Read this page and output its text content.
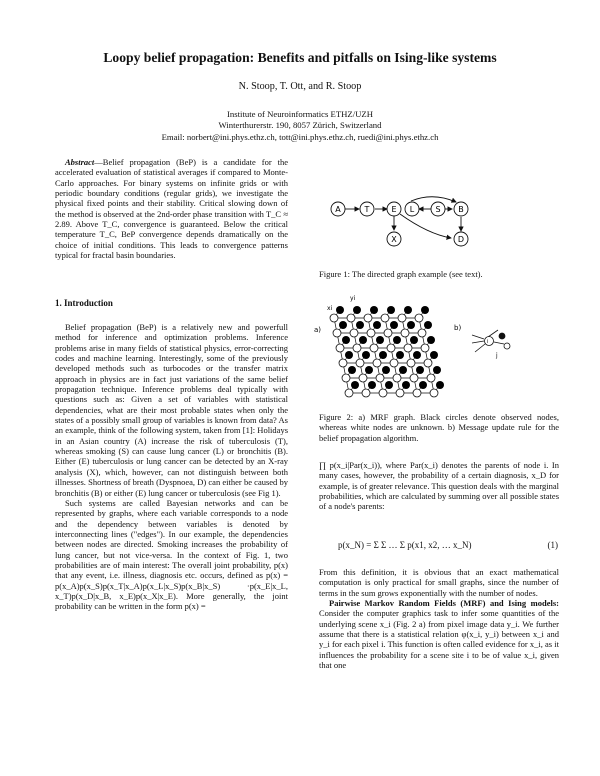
Loopy belief propagation: Benefits and pitfalls on Ising-like systems
N. Stoop, T. Ott, and R. Stoop
Institute of Neuroinformatics ETHZ/UZH
Winterthurerstr. 190, 8057 Zürich, Switzerland
Email: norbert@ini.phys.ethz.ch, tott@ini.phys.ethz.ch, ruedi@ini.phys.ethz.ch

Abstract—Belief propagation (BeP) is a candidate for the accelerated evaluation of statistical averages if compared to Monte-Carlo approaches. For binary systems on infinite grids or with periodic boundary conditions (regular grids), we investigate the physical fixed points and their stability. Critical slowing down of the method is observed at the 2nd-order phase transition with T_C ≈ 2.89. Above T_C, convergence is guaranteed. Below the critical temperature T_C, BeP convergence depends dramatically on the choice of initial conditions. This leads to convergence patterns typical for fractal basin boundaries.

1. Introduction

Belief propagation (BeP) is a relatively new and powerfull method for inference and optimization problems. Inference problems arise in many fields of statistical physics, error-correcting codes and machine learning. Interestingly, some of the previously developed methods such as turbocodes or the transfer matrix approach in physics are in fact just variations of the same belief propagation technique. Inference problems deal typically with questions such as: Given a set of variables with statistical dependencies, what are their most probable states when only the states of a possibly small group of variables is known from data? As an example, think of the following system, taken from [1]: Holidays in an Asian country (A) increase the risk of tuberculosis (T), whereas smoking (S) can cause lung cancer (L) or bronchitis (B). Either (E) tuberculosis or lung cancer can be detected by an X-ray analysis (X), which, however, can not distinguish between both illnesses. Shortness of breath (Dyspnoea, D) can either be caused by bronchitis (B) or either (E) lung cancer or tuberculosis (see Fig 1).

Such systems are called Bayesian networks and can be represented by graphs, where each variable corresponds to a node and the dependency between variables is denoted by interconnecting lines ("edges"). In our example, the dependencies between nodes are directed. Smoking increases the probability of lung cancer, but not vice-versa. In the context of Fig. 1, two probabilities are of main interest: The overall joint probability, p(x) that any event, i.e. illness, diagnosis etc. occurs, defined as p(x) = p(x_A)p(x_S)p(x_T|x_A)p(x_L|x_S)p(x_B|x_S) ·p(x_E|x_L, x_T)p(x_D|x_B, x_E)p(x_X|x_E). More generally, the joint probability can be written in the form p(x) =

A	T	E L	S B
X	D
Figure 1: The directed graph example (see text).
a)
xi
yi
b)
i
j
Figure 2: a) MRF graph. Black circles denote observed nodes, whereas white nodes are unknown. b) Message update rule for the belief propagation algorithm.

∏ p(x_i|Par(x_i)), where Par(x_i) denotes the parents of node i. In many cases, however, the probability of a certain diagnosis, x_D for example, is of greater relevance. This question deals with the marginal probabilities, which are calculated by summing over all possible states of a node's parents:

p(x_N) = Σ Σ … Σ p(x1, x2, … x_N)	(1)

From this definition, it is obvious that an exact mathematical computation is only practical for small graphs, since the number of terms in the sum grows exponentially with the number of nodes.

Pairwise Markov Random Fields (MRF) and Ising models: Consider the computer graphics task to infer some quantities of the underlying scene x_i (Fig. 2 a) from pixel image data y_i. We further assume that there is a statistical relation φ(x_i, y_i) between x_i and y_i for each pixel i. This function is often called evidence for x_i, as it influences the probability for a scene site i to be of value x_i, given that one
